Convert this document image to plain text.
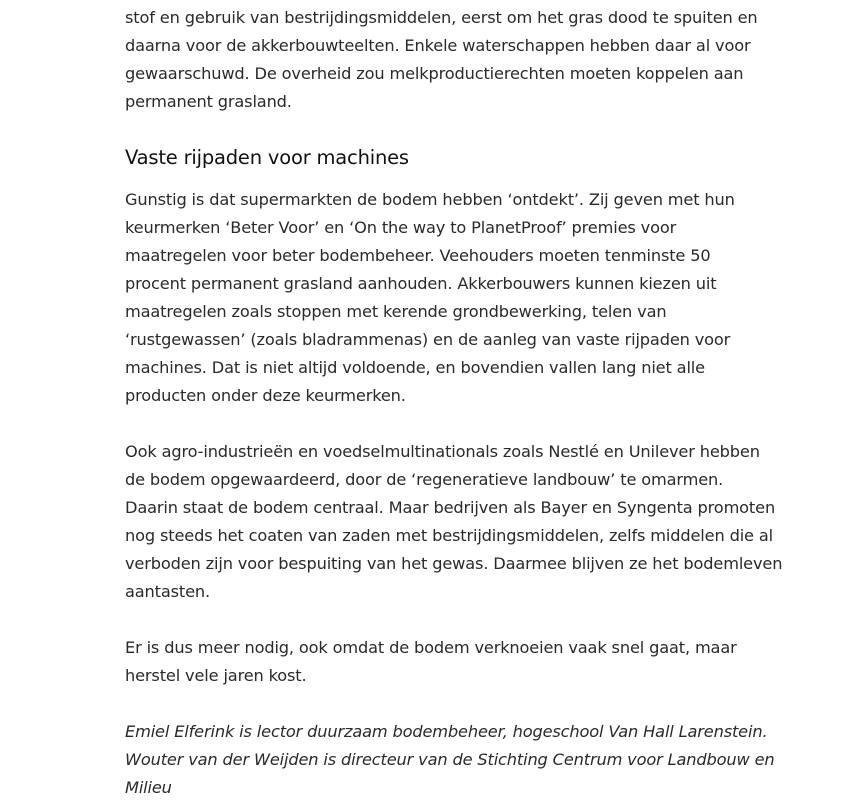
stof en gebruik van bestrijdingsmiddelen, eerst om het gras dood te spuiten en
daarna voor de akkerbouwteelten. Enkele waterschappen hebben daar al voor
gewaarschuwd. De overheid zou melkproductierechten moeten koppelen aan
permanent grasland.

Vaste rijpaden voor machines

Gunstig is dat supermarkten de bodem hebben ‘ontdekt’. Zij geven met hun
keurmerken ‘Beter Voor’ en ‘On the way to PlanetProof’ premies voor
maatregelen voor beter bodembeheer. Veehouders moeten tenminste 50
procent permanent grasland aanhouden. Akkerbouwers kunnen kiezen uit
maatregelen zoals stoppen met kerende grondbewerking, telen van
‘rustgewassen’ (zoals bladrammenas) en de aanleg van vaste rijpaden voor
machines. Dat is niet altijd voldoende, en bovendien vallen lang niet alle
producten onder deze keurmerken.

Ook agro-industrieën en voedselmultinationals zoals Nestlé en Unilever hebben
de bodem opgewaardeerd, door de ‘regeneratieve landbouw’ te omarmen.
Daarin staat de bodem centraal. Maar bedrijven als Bayer en Syngenta promoten
nog steeds het coaten van zaden met bestrijdingsmiddelen, zelfs middelen die al
verboden zijn voor bespuiting van het gewas. Daarmee blijven ze het bodemleven
aantasten.

Er is dus meer nodig, ook omdat de bodem verknoeien vaak snel gaat, maar
herstel vele jaren kost.

Emiel Elferink is lector duurzaam bodembeheer, hogeschool Van Hall Larenstein.
Wouter van der Weijden is directeur van de Stichting Centrum voor Landbouw en
Milieu
